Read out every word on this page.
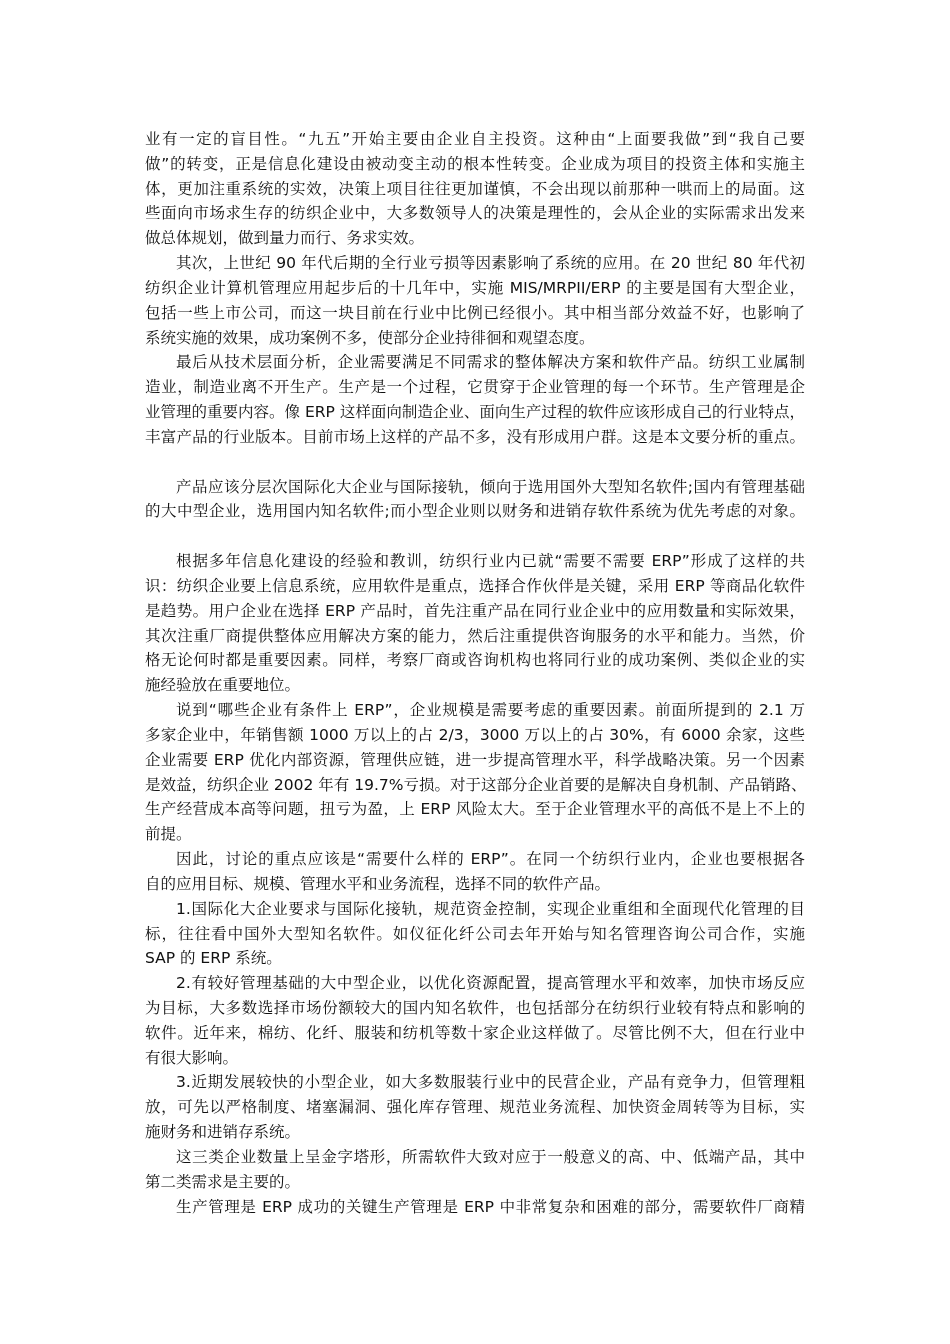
业有一定的盲目性。“九五”开始主要由企业自主投资。这种由“上面要我做”到“我自己要
做”的转变，正是信息化建设由被动变主动的根本性转变。企业成为项目的投资主体和实施主
体，更加注重系统的实效，决策上项目往往更加谨慎，不会出现以前那种一哄而上的局面。这
些面向市场求生存的纺织企业中，大多数领导人的决策是理性的，会从企业的实际需求出发来
做总体规划，做到量力而行、务求实效。
其次，上世纪 90 年代后期的全行业亏损等因素影响了系统的应用。在 20 世纪 80 年代初
纺织企业计算机管理应用起步后的十几年中，实施 MIS/MRPII/ERP 的主要是国有大型企业，
包括一些上市公司，而这一块目前在行业中比例已经很小。其中相当部分效益不好，也影响了
系统实施的效果，成功案例不多，使部分企业持徘徊和观望态度。
最后从技术层面分析，企业需要满足不同需求的整体解决方案和软件产品。纺织工业属制
造业，制造业离不开生产。生产是一个过程，它贯穿于企业管理的每一个环节。生产管理是企
业管理的重要内容。像 ERP 这样面向制造企业、面向生产过程的软件应该形成自己的行业特点，
丰富产品的行业版本。目前市场上这样的产品不多，没有形成用户群。这是本文要分析的重点。
产品应该分层次国际化大企业与国际接轨，倾向于选用国外大型知名软件;国内有管理基础
的大中型企业，选用国内知名软件;而小型企业则以财务和进销存软件系统为优先考虑的对象。
根据多年信息化建设的经验和教训，纺织行业内已就“需要不需要 ERP”形成了这样的共
识：纺织企业要上信息系统，应用软件是重点，选择合作伙伴是关键，采用 ERP 等商品化软件
是趋势。用户企业在选择 ERP 产品时，首先注重产品在同行业企业中的应用数量和实际效果，
其次注重厂商提供整体应用解决方案的能力，然后注重提供咨询服务的水平和能力。当然，价
格无论何时都是重要因素。同样，考察厂商或咨询机构也将同行业的成功案例、类似企业的实
施经验放在重要地位。
说到“哪些企业有条件上 ERP”，企业规模是需要考虑的重要因素。前面所提到的 2.1 万
多家企业中，年销售额 1000 万以上的占 2/3，3000 万以上的占 30%，有 6000 余家，这些
企业需要 ERP 优化内部资源，管理供应链，进一步提高管理水平，科学战略决策。另一个因素
是效益，纺织企业 2002 年有 19.7%亏损。对于这部分企业首要的是解决自身机制、产品销路、
生产经营成本高等问题，扭亏为盈，上 ERP 风险太大。至于企业管理水平的高低不是上不上的
前提。
因此，讨论的重点应该是“需要什么样的 ERP”。在同一个纺织行业内，企业也要根据各
自的应用目标、规模、管理水平和业务流程，选择不同的软件产品。
1.国际化大企业要求与国际化接轨，规范资金控制，实现企业重组和全面现代化管理的目
标，往往看中国外大型知名软件。如仪征化纤公司去年开始与知名管理咨询公司合作，实施
SAP 的 ERP 系统。
2.有较好管理基础的大中型企业，以优化资源配置，提高管理水平和效率，加快市场反应
为目标，大多数选择市场份额较大的国内知名软件，也包括部分在纺织行业较有特点和影响的
软件。近年来，棉纺、化纤、服装和纺机等数十家企业这样做了。尽管比例不大，但在行业中
有很大影响。
3.近期发展较快的小型企业，如大多数服装行业中的民营企业，产品有竞争力，但管理粗
放，可先以严格制度、堵塞漏洞、强化库存管理、规范业务流程、加快资金周转等为目标，实
施财务和进销存系统。
这三类企业数量上呈金字塔形，所需软件大致对应于一般意义的高、中、低端产品，其中
第二类需求是主要的。
生产管理是 ERP 成功的关键生产管理是 ERP 中非常复杂和困难的部分，需要软件厂商精
